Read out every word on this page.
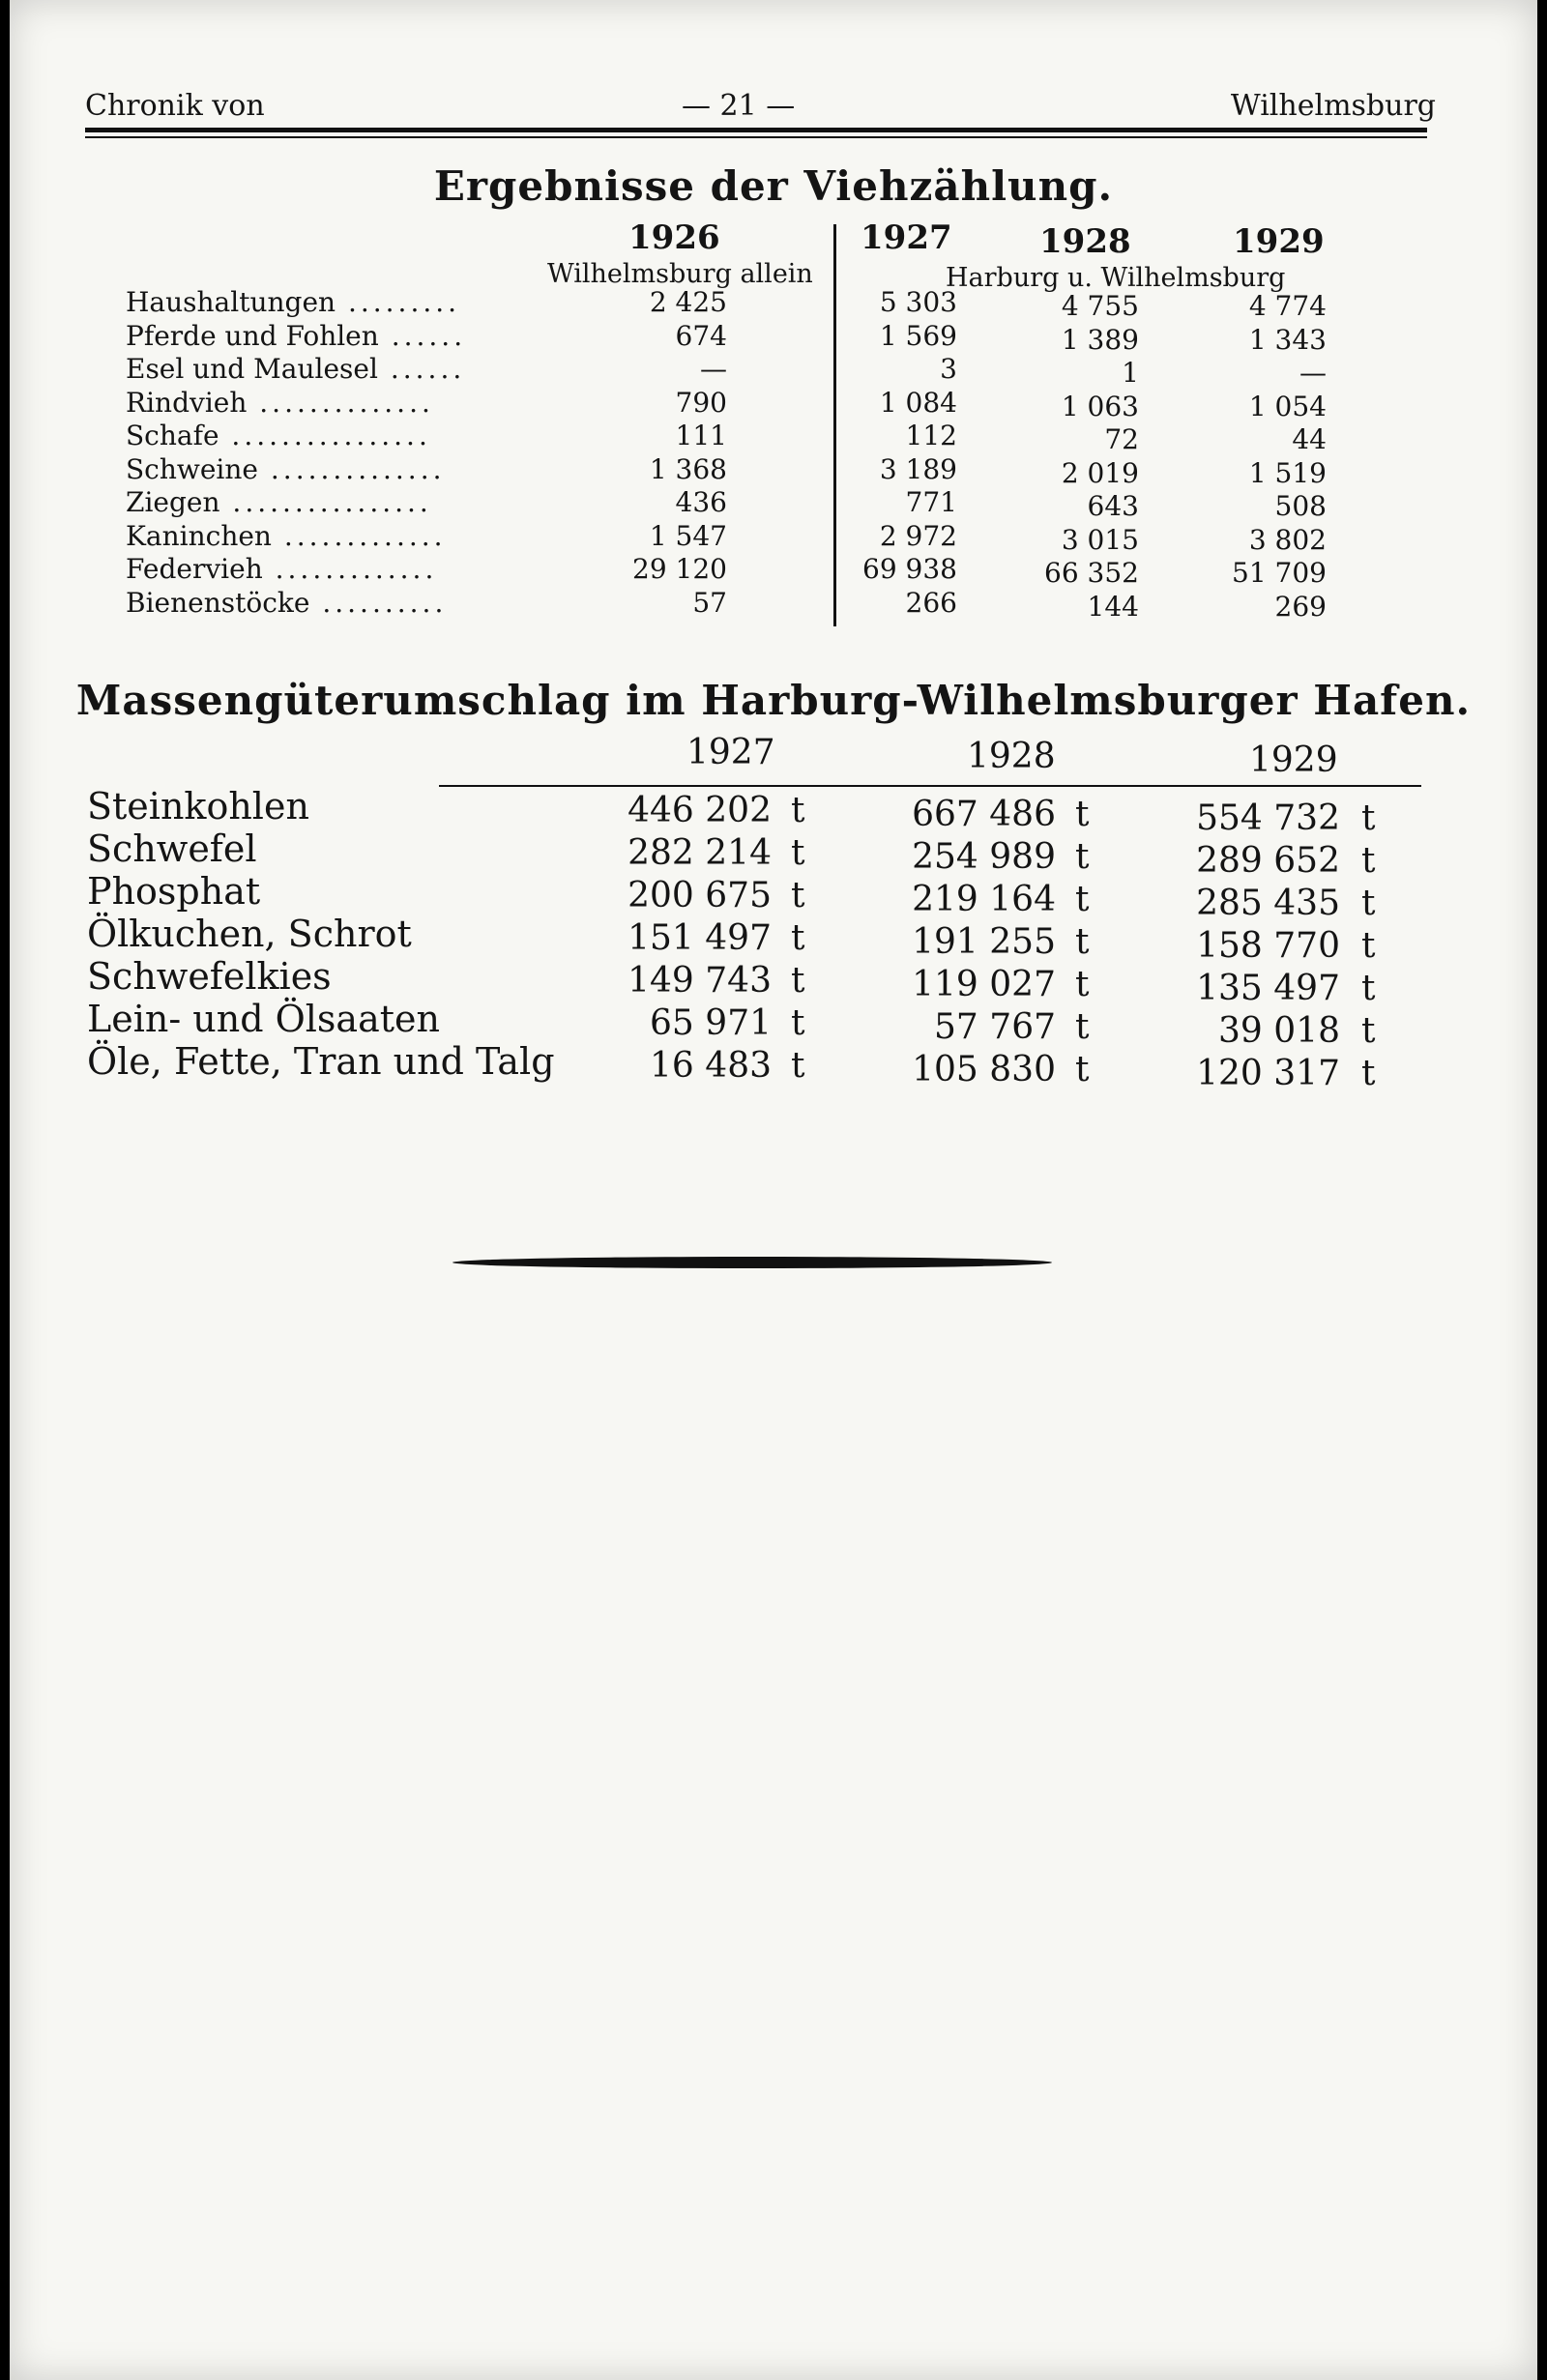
Chronik von	— 21 —	Wilhelmsburg
Ergebnisse der Viehzählung.
1926	1927	1928	1929
Wilhelmsburg allein	Harburg u. Wilhelmsburg
Haushaltungen .........	2 425	5 303	4 755	4 774
Pferde und Fohlen ......	674	1 569	1 389	1 343
Esel und Maulesel ......	—	3	1	—
Rindvieh ..............	790	1 084	1 063	1 054
Schafe ................	111	112	72	44
Schweine ..............	1 368	3 189	2 019	1 519
Ziegen ................	436	771	643	508
Kaninchen .............	1 547	2 972	3 015	3 802
Federvieh .............	29 120	69 938	66 352	51 709
Bienenstöcke ..........	57	266	144	269
Massengüterumschlag im Harburg-Wilhelmsburger Hafen.
1927	1928	1929
Steinkohlen	446 202 t	667 486 t	554 732 t
Schwefel	282 214 t	254 989 t	289 652 t
Phosphat	200 675 t	219 164 t	285 435 t
Ölkuchen, Schrot	151 497 t	191 255 t	158 770 t
Schwefelkies	149 743 t	119 027 t	135 497 t
Lein- und Ölsaaten	65 971 t	57 767 t	39 018 t
Öle, Fette, Tran und Talg	16 483 t	105 830 t	120 317 t
